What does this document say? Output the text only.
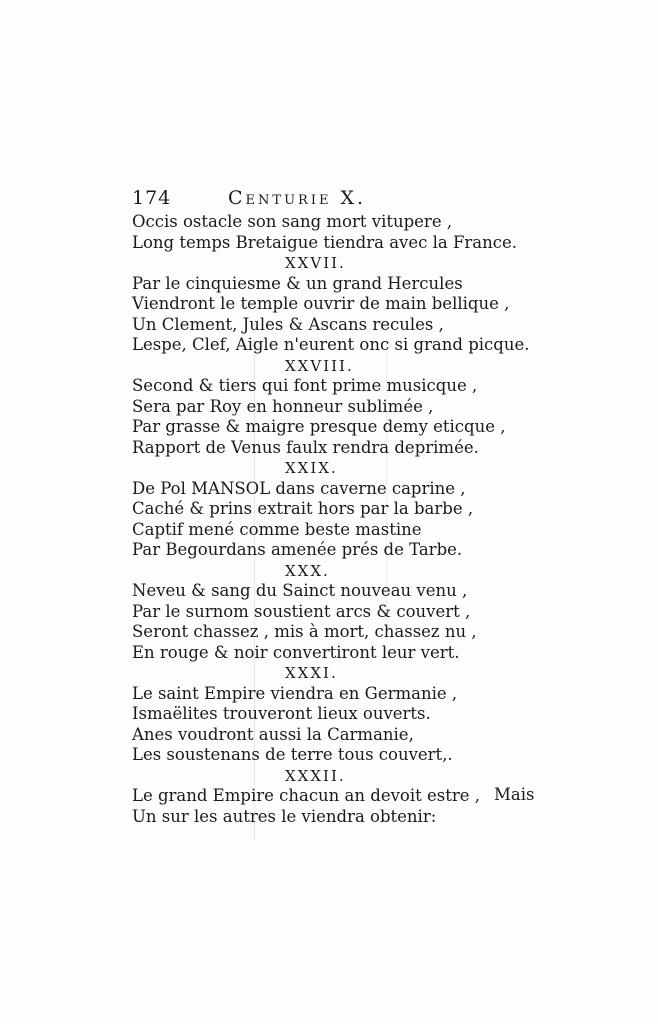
174	Centurie X.
Occis ostacle son sang mort vitupere ,
Long temps Bretaigue tiendra avec la France.
XXVII.
Par le cinquiesme & un grand Hercules
Viendront le temple ouvrir de main bellique ,
Un Clement, Jules & Ascans recules ,
Lespe, Clef, Aigle n'eurent onc si grand picque.
XXVIII.
Second & tiers qui font prime musicque ,
Sera par Roy en honneur sublimée ,
Par grasse & maigre presque demy eticque ,
Rapport de Venus faulx rendra deprimée.
XXIX.
De Pol MANSOL dans caverne caprine ,
Caché & prins extrait hors par la barbe ,
Captif mené comme beste mastine
Par Begourdans amenée prés de Tarbe.
XXX.
Neveu & sang du Sainct nouveau venu ,
Par le surnom soustient arcs & couvert ,
Seront chassez , mis à mort, chassez nu ,
En rouge & noir convertiront leur vert.
XXXI.
Le saint Empire viendra en Germanie ,
Ismaëlites trouveront lieux ouverts.
Anes voudront aussi la Carmanie,
Les soustenans de terre tous couvert,.
XXXII.
Le grand Empire chacun an devoit estre ,
Un sur les autres le viendra obtenir:
Mais
